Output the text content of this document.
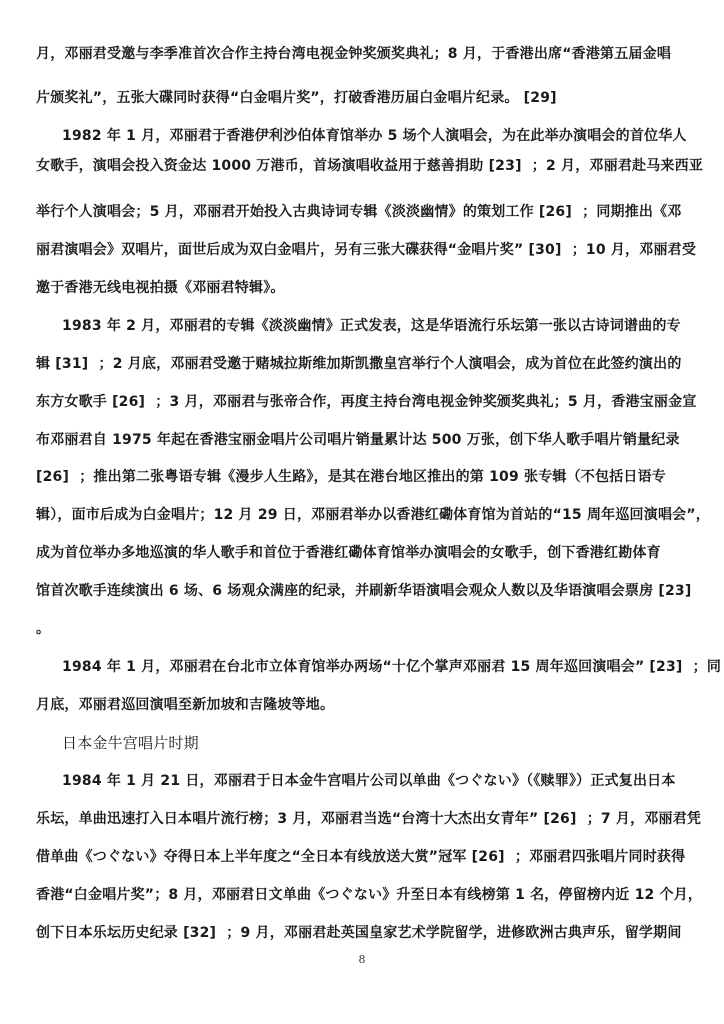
月，邓丽君受邀与李季准首次合作主持台湾电视金钟奖颁奖典礼；8 月，于香港出席“香港第五届金唱
片颁奖礼”，五张大碟同时获得“白金唱片奖”，打破香港历届白金唱片纪录。 [29]
1982 年 1 月，邓丽君于香港伊利沙伯体育馆举办 5 场个人演唱会，为在此举办演唱会的首位华人
女歌手，演唱会投入资金达 1000 万港币，首场演唱收益用于慈善捐助 [23]  ；2 月，邓丽君赴马来西亚
举行个人演唱会；5 月，邓丽君开始投入古典诗词专辑《淡淡幽情》的策划工作 [26]  ；同期推出《邓
丽君演唱会》双唱片，面世后成为双白金唱片，另有三张大碟获得“金唱片奖” [30]  ；10 月，邓丽君受
邀于香港无线电视拍摄《邓丽君特辑》。
1983 年 2 月，邓丽君的专辑《淡淡幽情》正式发表，这是华语流行乐坛第一张以古诗词谱曲的专
辑 [31]  ；2 月底，邓丽君受邀于赌城拉斯维加斯凯撒皇宫举行个人演唱会，成为首位在此签约演出的
东方女歌手 [26]  ；3 月，邓丽君与张帝合作，再度主持台湾电视金钟奖颁奖典礼；5 月，香港宝丽金宣
布邓丽君自 1975 年起在香港宝丽金唱片公司唱片销量累计达 500 万张，创下华人歌手唱片销量纪录
[26]  ；推出第二张粤语专辑《漫步人生路》，是其在港台地区推出的第 109 张专辑（不包括日语专
辑），面市后成为白金唱片；12 月 29 日，邓丽君举办以香港红磡体育馆为首站的“15 周年巡回演唱会”，
成为首位举办多地巡演的华人歌手和首位于香港红磡体育馆举办演唱会的女歌手，创下香港红勘体育
馆首次歌手连续演出 6 场、6 场观众满座的纪录，并刷新华语演唱会观众人数以及华语演唱会票房 [23]
。
1984 年 1 月，邓丽君在台北市立体育馆举办两场“十亿个掌声邓丽君 15 周年巡回演唱会” [23]  ；同
月底，邓丽君巡回演唱至新加坡和吉隆坡等地。
日本金牛宫唱片时期
1984 年 1 月 21 日，邓丽君于日本金牛宫唱片公司以单曲《つぐない》（《赎罪》）正式复出日本
乐坛，单曲迅速打入日本唱片流行榜；3 月，邓丽君当选“台湾十大杰出女青年” [26]  ；7 月，邓丽君凭
借单曲《つぐない》夺得日本上半年度之“全日本有线放送大赏”冠军 [26]  ；邓丽君四张唱片同时获得
香港“白金唱片奖”；8 月，邓丽君日文单曲《つぐない》升至日本有线榜第 1 名，停留榜内近 12 个月，
创下日本乐坛历史纪录 [32]  ；9 月，邓丽君赴英国皇家艺术学院留学，进修欧洲古典声乐，留学期间
8
